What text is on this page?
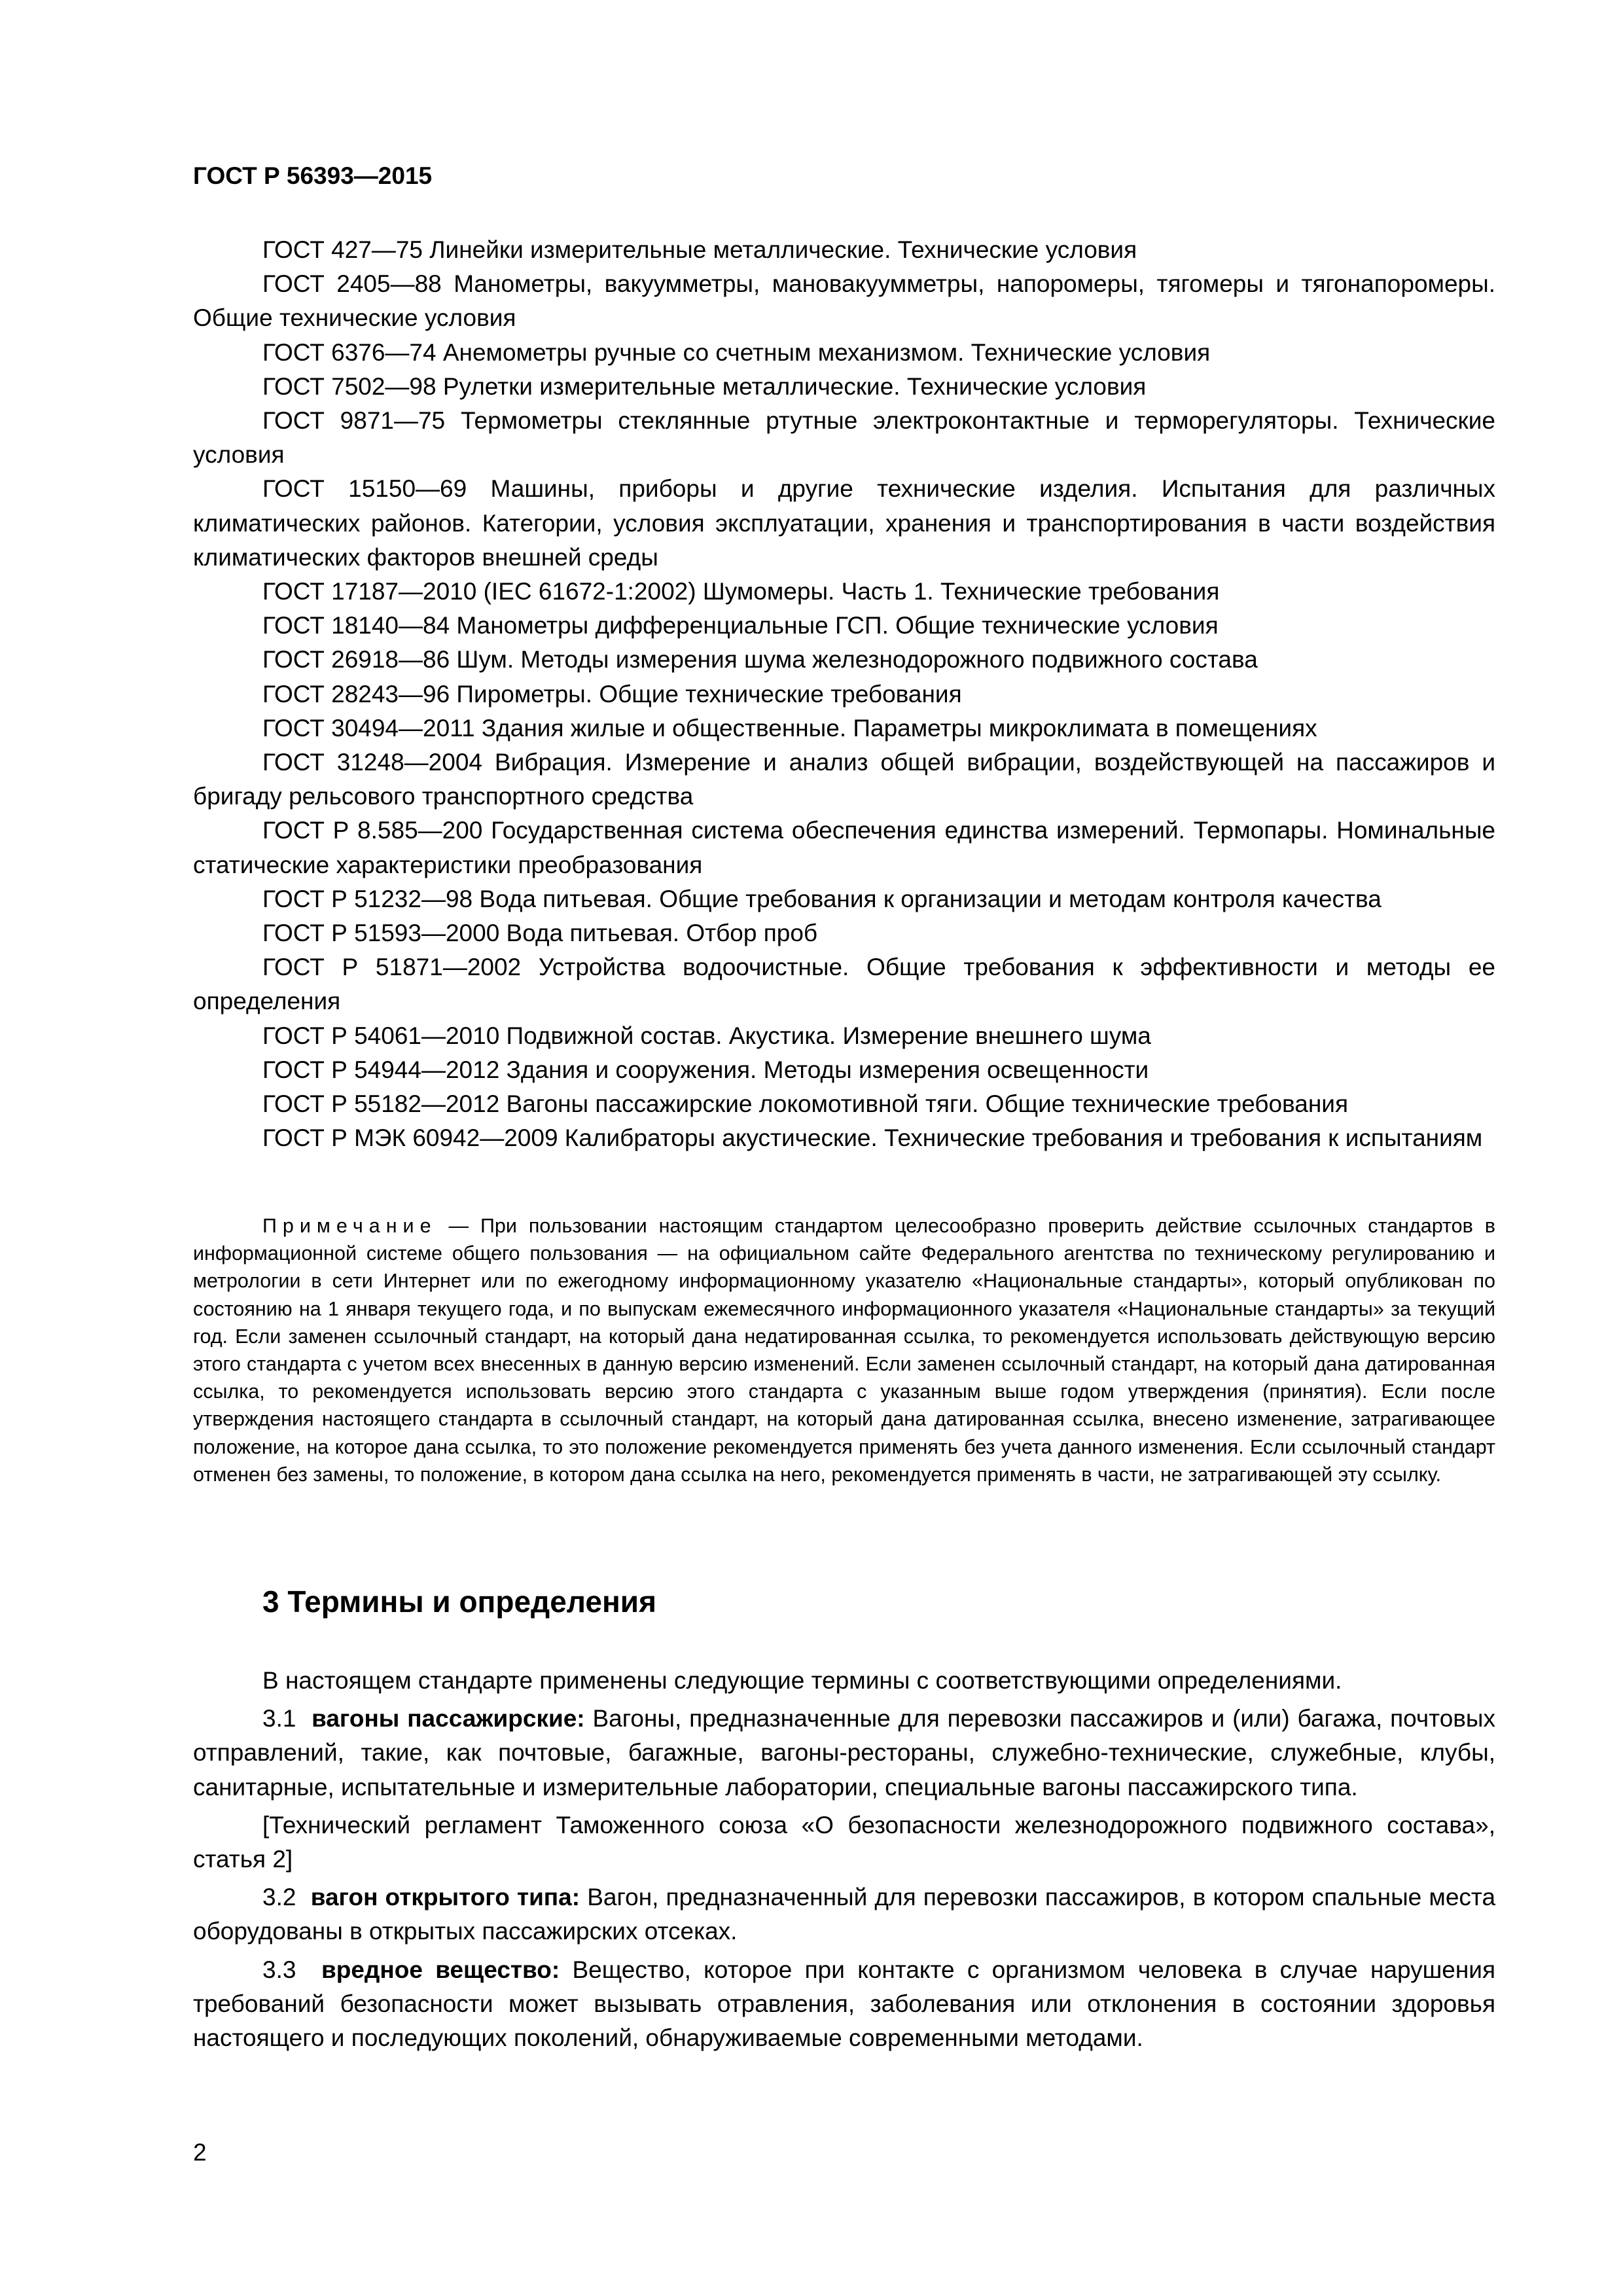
ГОСТ Р 56393—2015

ГОСТ 427—75 Линейки измерительные металлические. Технические условия

ГОСТ 2405—88 Манометры, вакуумметры, мановакуумметры, напоромеры, тягомеры и тягонапоромеры. Общие технические условия

ГОСТ 6376—74 Анемометры ручные со счетным механизмом. Технические условия

ГОСТ 7502—98 Рулетки измерительные металлические. Технические условия

ГОСТ 9871—75 Термометры стеклянные ртутные электроконтактные и терморегуляторы. Технические условия

ГОСТ 15150—69 Машины, приборы и другие технические изделия. Испытания для различных климатических районов. Категории, условия эксплуатации, хранения и транспортирования в части воздействия климатических факторов внешней среды

ГОСТ 17187—2010 (IEC 61672-1:2002) Шумомеры. Часть 1. Технические требования

ГОСТ 18140—84 Манометры дифференциальные ГСП. Общие технические условия

ГОСТ 26918—86 Шум. Методы измерения шума железнодорожного подвижного состава

ГОСТ 28243—96 Пирометры. Общие технические требования

ГОСТ 30494—2011 Здания жилые и общественные. Параметры микроклимата в помещениях

ГОСТ 31248—2004 Вибрация. Измерение и анализ общей вибрации, воздействующей на пассажиров и бригаду рельсового транспортного средства

ГОСТ Р 8.585—200 Государственная система обеспечения единства измерений. Термопары. Номинальные статические характеристики преобразования

ГОСТ Р 51232—98 Вода питьевая. Общие требования к организации и методам контроля качества

ГОСТ Р 51593—2000 Вода питьевая. Отбор проб

ГОСТ Р 51871—2002 Устройства водоочистные. Общие требования к эффективности и методы ее определения

ГОСТ Р 54061—2010 Подвижной состав. Акустика. Измерение внешнего шума

ГОСТ Р 54944—2012 Здания и сооружения. Методы измерения освещенности

ГОСТ Р 55182—2012 Вагоны пассажирские локомотивной тяги. Общие технические требования

ГОСТ Р МЭК 60942—2009 Калибраторы акустические. Технические требования и требования к испытаниям

Примечание — При пользовании настоящим стандартом целесообразно проверить действие ссылочных стандартов в информационной системе общего пользования — на официальном сайте Федерального агентства по техническому регулированию и метрологии в сети Интернет или по ежегодному информационному указателю «Национальные стандарты», который опубликован по состоянию на 1 января текущего года, и по выпускам ежемесячного информационного указателя «Национальные стандарты» за текущий год. Если заменен ссылочный стандарт, на который дана недатированная ссылка, то рекомендуется использовать действующую версию этого стандарта с учетом всех внесенных в данную версию изменений. Если заменен ссылочный стандарт, на который дана датированная ссылка, то рекомендуется использовать версию этого стандарта с указанным выше годом утверждения (принятия). Если после утверждения настоящего стандарта в ссылочный стандарт, на который дана датированная ссылка, внесено изменение, затрагивающее положение, на которое дана ссылка, то это положение рекомендуется применять без учета данного изменения. Если ссылочный стандарт отменен без замены, то положение, в котором дана ссылка на него, рекомендуется применять в части, не затрагивающей эту ссылку.

3 Термины и определения

В настоящем стандарте применены следующие термины с соответствующими определениями.

3.1 вагоны пассажирские: Вагоны, предназначенные для перевозки пассажиров и (или) багажа, почтовых отправлений, такие, как почтовые, багажные, вагоны-рестораны, служебно-технические, служебные, клубы, санитарные, испытательные и измерительные лаборатории, специальные вагоны пассажирского типа.

[Технический регламент Таможенного союза «О безопасности железнодорожного подвижного состава», статья 2]

3.2 вагон открытого типа: Вагон, предназначенный для перевозки пассажиров, в котором спальные места оборудованы в открытых пассажирских отсеках.

3.3 вредное вещество: Вещество, которое при контакте с организмом человека в случае нарушения требований безопасности может вызывать отравления, заболевания или отклонения в состоянии здоровья настоящего и последующих поколений, обнаруживаемые современными методами.

2
